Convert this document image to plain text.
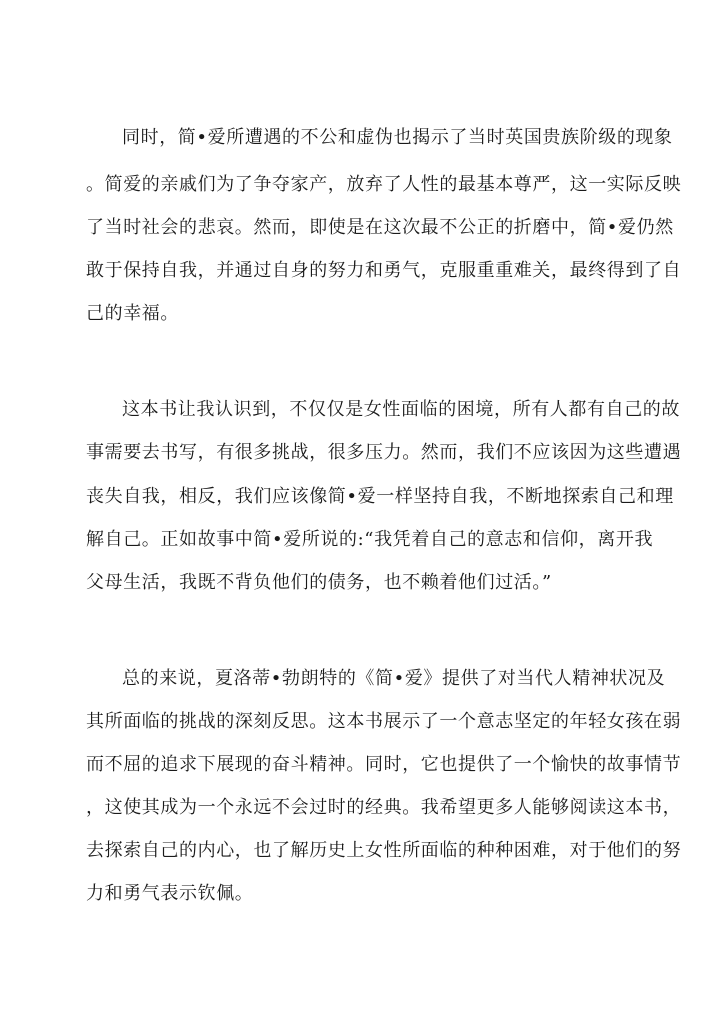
同时，简•爱所遭遇的不公和虚伪也揭示了当时英国贵族阶级的现象
。简爱的亲戚们为了争夺家产，放弃了人性的最基本尊严，这一实际反映
了当时社会的悲哀。然而，即使是在这次最不公正的折磨中，简•爱仍然
敢于保持自我，并通过自身的努力和勇气，克服重重难关，最终得到了自
己的幸福。
这本书让我认识到，不仅仅是女性面临的困境，所有人都有自己的故
事需要去书写，有很多挑战，很多压力。然而，我们不应该因为这些遭遇
丧失自我，相反，我们应该像简•爱一样坚持自我，不断地探索自己和理
解自己。正如故事中简•爱所说的:“我凭着自己的意志和信仰，离开我
父母生活，我既不背负他们的债务，也不赖着他们过活。”
总的来说，夏洛蒂•勃朗特的《简•爱》提供了对当代人精神状况及
其所面临的挑战的深刻反思。这本书展示了一个意志坚定的年轻女孩在弱
而不屈的追求下展现的奋斗精神。同时，它也提供了一个愉快的故事情节
，这使其成为一个永远不会过时的经典。我希望更多人能够阅读这本书，
去探索自己的内心，也了解历史上女性所面临的种种困难，对于他们的努
力和勇气表示钦佩。
